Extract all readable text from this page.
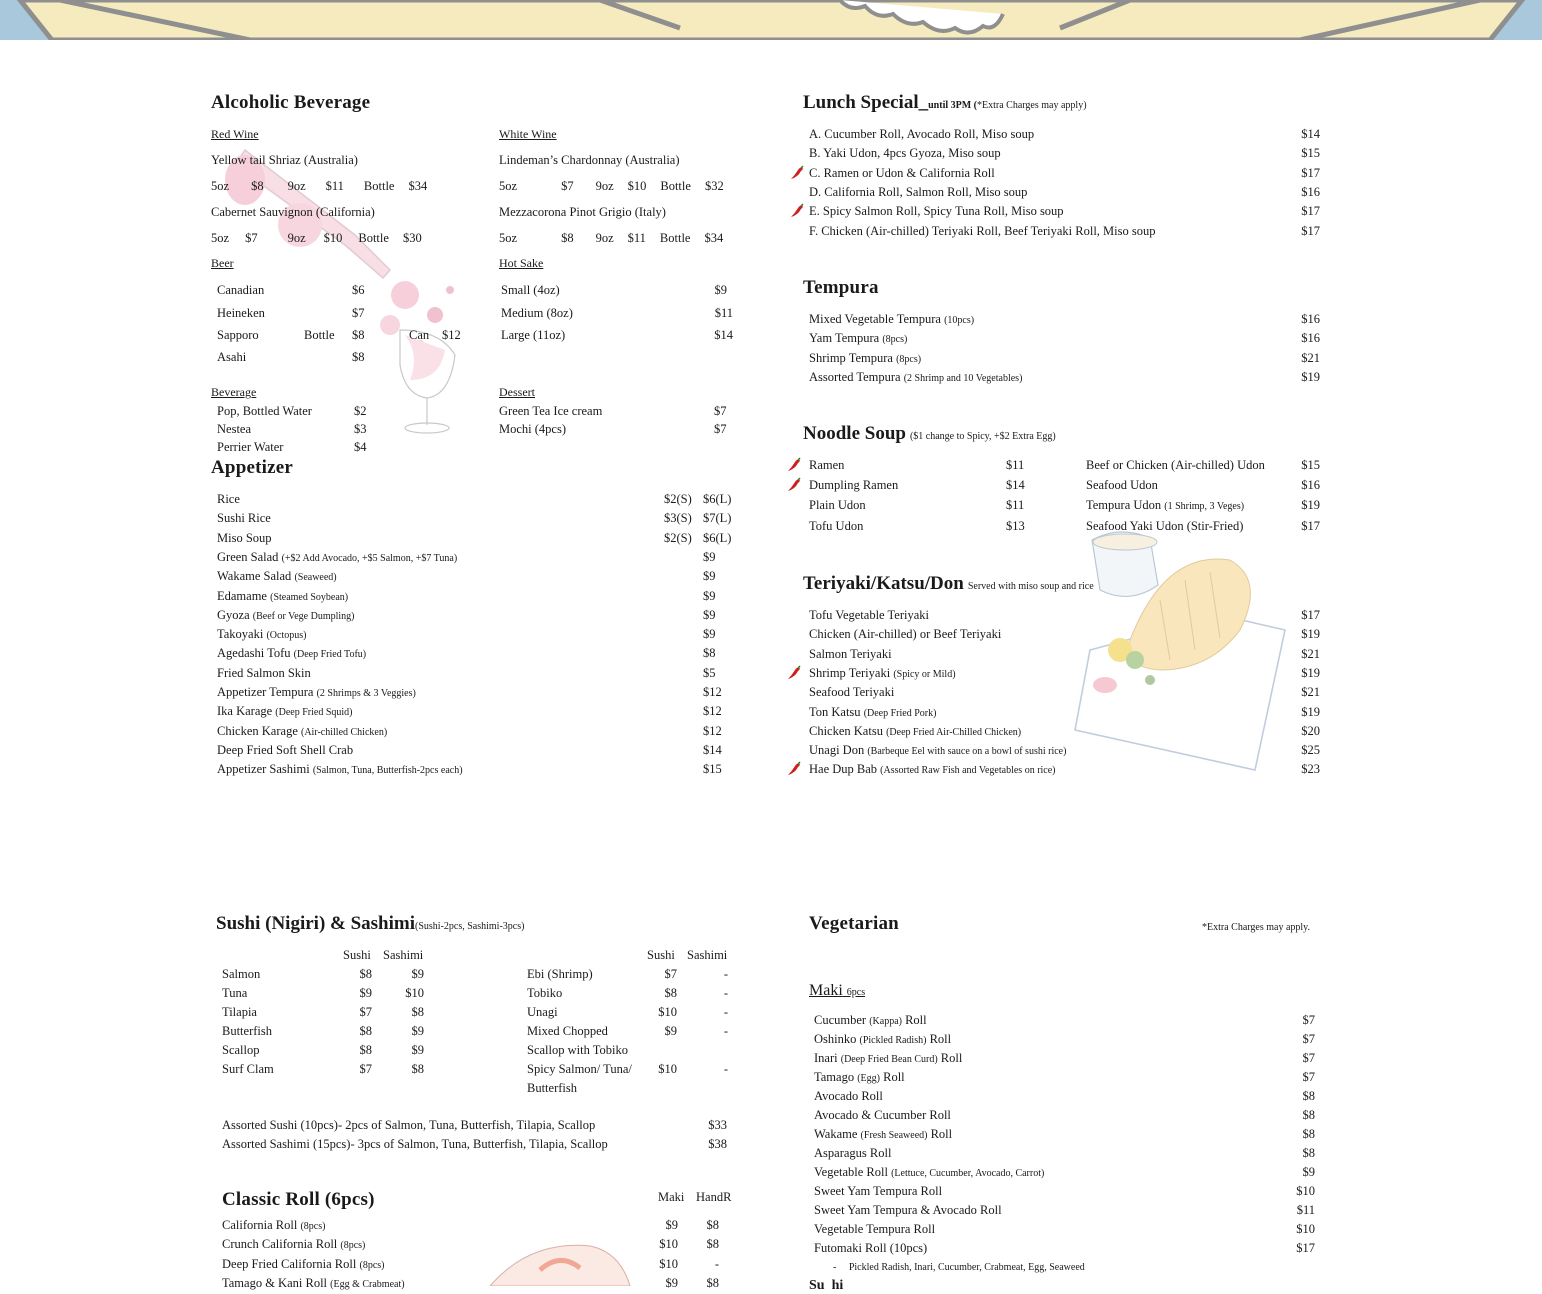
Alcoholic Beverage
Red Wine
Yellow tail Shriaz (Australia)
5oz $8 9oz $11 Bottle $34
Cabernet Sauvignon (California)
5oz $7 9oz $10 Bottle $30
White Wine
Lindeman’s Chardonnay (Australia)
5oz	$7 9oz $10 Bottle $32
Mezzacorona Pinot Grigio (Italy)
5oz	$8 9oz $11 Bottle $34
Beer
Canadian	$6
Heineken	$7
Sapporo	Bottle $8	Can $12
Asahi	$8
Hot Sake
Small (4oz)	$9
Medium (8oz)	$11
Large (11oz)	$14
Beverage
Pop, Bottled Water	$2
Nestea	$3
Perrier Water	$4
Dessert
Green Tea Ice cream	$7
Mochi (4pcs)	$7
Appetizer
Lunch Special_until 3PM (*Extra Charges may apply)
Tempura
Noodle Soup ($1 change to Spicy, +$2 Extra Egg)
Teriyaki/Katsu/Don Served with miso soup and rice
Sushi (Nigiri) & Sashimi(Sushi-2pcs, Sashimi-3pcs)
Sushi Sashimi	Sushi Sashimi
Assorted Sushi (10pcs)- 2pcs of Salmon, Tuna, Butterfish, Tilapia, Scallop	$33
Assorted Sashimi (15pcs)- 3pcs of Salmon, Tuna, Butterfish, Tilapia, Scallop	$38
Classic Roll (6pcs)	Maki HandR
Vegetarian	*Extra Charges may apply.
Maki 6pcs
-     Pickled Radish, Inari, Cucumber, Crabmeat, Egg, Seaweed
Su  hi
Rice	$2(S) $6(L)
Sushi Rice	$3(S) $7(L)
Miso Soup	$2(S) $6(L)
Green Salad (+$2 Add Avocado, +$5 Salmon, +$7 Tuna)	$9
Wakame Salad (Seaweed)	$9
Edamame (Steamed Soybean)	$9
Gyoza (Beef or Vege Dumpling)	$9
Takoyaki (Octopus)	$9
Agedashi Tofu (Deep Fried Tofu)	$8
Fried Salmon Skin	$5
Appetizer Tempura (2 Shrimps & 3 Veggies)	$12
Ika Karage (Deep Fried Squid)	$12
Chicken Karage (Air-chilled Chicken)	$12
Deep Fried Soft Shell Crab	$14
Appetizer Sashimi (Salmon, Tuna, Butterfish-2pcs each)	$15
A. Cucumber Roll, Avocado Roll, Miso soup	$14
B. Yaki Udon, 4pcs Gyoza, Miso soup	$15
C. Ramen or Udon & California Roll	$17
D. California Roll, Salmon Roll, Miso soup	$16
E. Spicy Salmon Roll, Spicy Tuna Roll, Miso soup	$17
F. Chicken (Air-chilled) Teriyaki Roll, Beef Teriyaki Roll, Miso soup	$17
Mixed Vegetable Tempura (10pcs)	$16
Yam Tempura (8pcs)	$16
Shrimp Tempura (8pcs)	$21
Assorted Tempura (2 Shrimp and 10 Vegetables)	$19
Ramen	$11
Dumpling Ramen	$14
Plain Udon	$11
Tofu Udon	$13
Beef or Chicken (Air-chilled) Udon	$15
Seafood Udon	$16
Tempura Udon (1 Shrimp, 3 Veges)	$19
Seafood Yaki Udon (Stir-Fried)	$17
Tofu Vegetable Teriyaki	$17
Chicken (Air-chilled) or Beef Teriyaki	$19
Salmon Teriyaki	$21
Shrimp Teriyaki (Spicy or Mild)	$19
Seafood Teriyaki	$21
Ton Katsu (Deep Fried Pork)	$19
Chicken Katsu (Deep Fried Air-Chilled Chicken)	$20
Unagi Don (Barbeque Eel with sauce on a bowl of sushi rice)	$25
Hae Dup Bab (Assorted Raw Fish and Vegetables on rice)	$23
Salmon	$8	$9
Tuna	$9	$10
Tilapia	$7	$8
Butterfish	$8	$9
Scallop	$8	$9
Surf Clam	$7	$8
Ebi (Shrimp)	$7	-
Tobiko	$8	-
Unagi	$10	-
Mixed Chopped	$9	-
Scallop with Tobiko
Spicy Salmon/ Tuna/ $10	-
Butterfish
California Roll (8pcs)	$9 $8
Crunch California Roll (8pcs)	$10 $8
Deep Fried California Roll (8pcs)	$10	-
Tamago & Kani Roll (Egg & Crabmeat)	$9 $8
Cucumber (Kappa) Roll	$7
Oshinko (Pickled Radish) Roll	$7
Inari (Deep Fried Bean Curd) Roll	$7
Tamago (Egg) Roll	$7
Avocado Roll	$8
Avocado & Cucumber Roll	$8
Wakame (Fresh Seaweed) Roll	$8
Asparagus Roll	$8
Vegetable Roll (Lettuce, Cucumber, Avocado, Carrot)	$9
Sweet Yam Tempura Roll	$10
Sweet Yam Tempura & Avocado Roll	$11
Vegetable Tempura Roll	$10
Futomaki Roll (10pcs)	$17
